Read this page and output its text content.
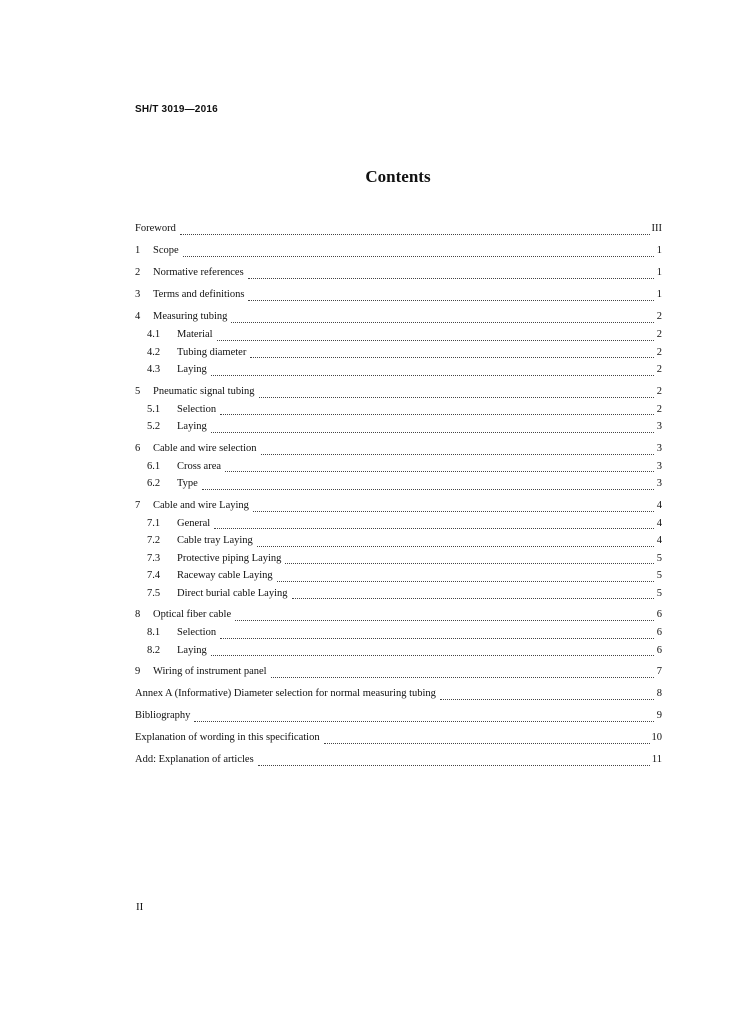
SH/T 3019—2016
Contents
Foreword	III
1	Scope	1
2	Normative references	1
3	Terms and definitions	1
4	Measuring tubing	2
4.1	Material	2
4.2	Tubing diameter	2
4.3	Laying	2
5	Pneumatic signal tubing	2
5.1	Selection	2
5.2	Laying	3
6	Cable and wire selection	3
6.1	Cross area	3
6.2	Type	3
7	Cable and wire Laying	4
7.1	General	4
7.2	Cable tray Laying	4
7.3	Protective piping Laying	5
7.4	Raceway cable Laying	5
7.5	Direct burial cable Laying	5
8	Optical fiber cable	6
8.1	Selection	6
8.2	Laying	6
9	Wiring of instrument panel	7
Annex A (Informative) Diameter selection for normal measuring tubing	8
Bibliography	9
Explanation of wording in this specification	10
Add: Explanation of articles	11
II
